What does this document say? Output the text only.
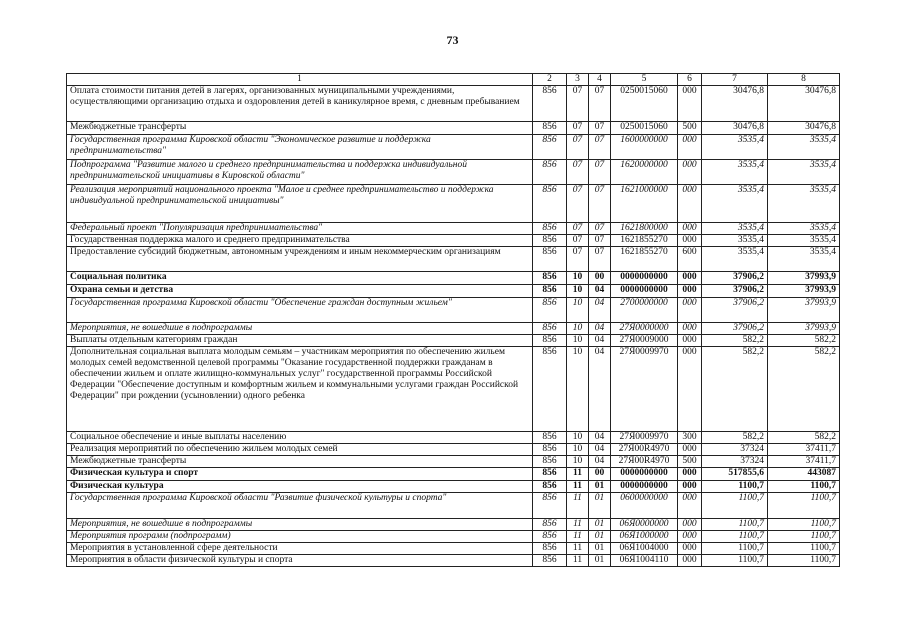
73
1	2	3	4	5	6	7	8
Оплата стоимости питания детей в лагерях, организованных муниципальными учреждениями, осуществляющими организацию отдыха и оздоровления детей в каникулярное время, с дневным пребыванием	856	07	07	0250015060	000	30476,8	30476,8
Межбюджетные трансферты	856	07	07	0250015060	500	30476,8	30476,8
Государственная программа Кировской области "Экономическое развитие и поддержка предпринимательства"	856	07	07	1600000000	000	3535,4	3535,4
Подпрограмма "Развитие малого и среднего предпринимательства и поддержка индивидуальной предпринимательской инициативы в Кировской области"	856	07	07	1620000000	000	3535,4	3535,4
Реализация мероприятий национального проекта "Малое и среднее предпринимательство и поддержка индивидуальной предпринимательской инициативы"	856	07	07	1621000000	000	3535,4	3535,4
Федеральный проект "Популяризация предпринимательства"	856	07	07	1621800000	000	3535,4	3535,4
Государственная поддержка малого и среднего предпринимательства	856	07	07	1621855270	000	3535,4	3535,4
Предоставление субсидий бюджетным, автономным учреждениям и иным некоммерческим организациям	856	07	07	1621855270	600	3535,4	3535,4
Социальная политика	856	10	00	0000000000	000	37906,2	37993,9
Охрана семьи и детства	856	10	04	0000000000	000	37906,2	37993,9
Государственная программа Кировской области "Обеспечение граждан доступным жильем"	856	10	04	2700000000	000	37906,2	37993,9
Мероприятия, не вошедшие в подпрограммы	856	10	04	27Я0000000	000	37906,2	37993,9
Выплаты отдельным категориям граждан	856	10	04	27Я0009000	000	582,2	582,2
Дополнительная социальная выплата молодым семьям – участникам мероприятия по обеспечению жильем молодых семей ведомственной целевой программы "Оказание государственной поддержки гражданам в обеспечении жильем и оплате жилищно-коммунальных услуг" государственной программы Российской Федерации "Обеспечение доступным и комфортным жильем и коммунальными услугами граждан Российской Федерации" при рождении (усыновлении) одного ребенка	856	10	04	27Я0009970	000	582,2	582,2
Социальное обеспечение и иные выплаты населению	856	10	04	27Я0009970	300	582,2	582,2
Реализация мероприятий по обеспечению жильем молодых семей	856	10	04	27Я00R4970	000	37324	37411,7
Межбюджетные трансферты	856	10	04	27Я00R4970	500	37324	37411,7
Физическая культура и спорт	856	11	00	0000000000	000	517855,6	443087
Физическая культура	856	11	01	0000000000	000	1100,7	1100,7
Государственная программа Кировской области "Развитие физической культуры и спорта"	856	11	01	0600000000	000	1100,7	1100,7
Мероприятия, не вошедшие в подпрограммы	856	11	01	06Я0000000	000	1100,7	1100,7
Мероприятия программ (подпрограмм)	856	11	01	06Я1000000	000	1100,7	1100,7
Мероприятия в установленной сфере деятельности	856	11	01	06Я1004000	000	1100,7	1100,7
Мероприятия в области физической культуры и спорта	856	11	01	06Я1004110	000	1100,7	1100,7
